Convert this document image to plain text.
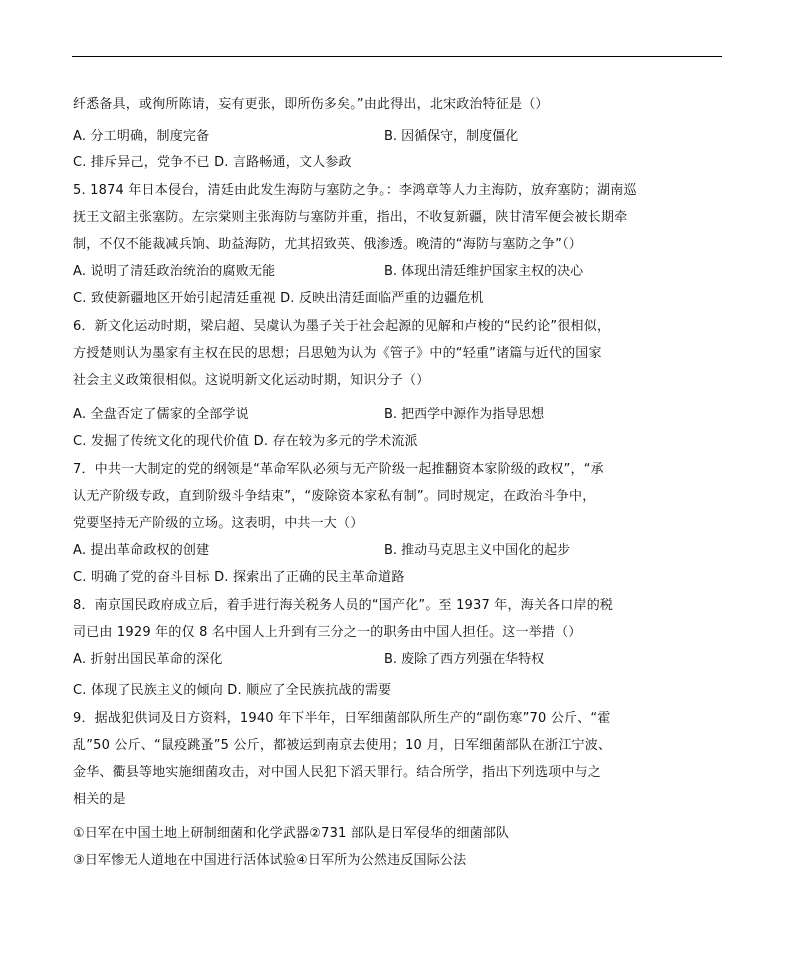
纤悉备具，或徇所陈请，妄有更张，即所伤多矣。”由此得出，北宋政治特征是（）
A. 分工明确，制度完备	B. 因循保守，制度僵化
C. 排斥异己，党争不已 D. 言路畅通，文人参政
5. 1874 年日本侵台，清廷由此发生海防与塞防之争。：李鸿章等人力主海防，放弃塞防；湖南巡
抚王文韶主张塞防。左宗棠则主张海防与塞防并重，指出，不收复新疆，陕甘清军便会被长期牵
制，不仅不能裁减兵饷、助益海防，尤其招致英、俄渗透。晚清的“海防与塞防之争”（）
A. 说明了清廷政治统治的腐败无能	B. 体现出清廷维护国家主权的决心
C. 致使新疆地区开始引起清廷重视 D. 反映出清廷面临严重的边疆危机
6．新文化运动时期，梁启超、吴虞认为墨子关于社会起源的见解和卢梭的“民约论”很相似，
方授楚则认为墨家有主权在民的思想；吕思勉为认为《管子》中的“轻重”诸篇与近代的国家
社会主义政策很相似。这说明新文化运动时期，知识分子（）
A. 全盘否定了儒家的全部学说	B. 把西学中源作为指导思想
C. 发掘了传统文化的现代价值 D. 存在较为多元的学术流派
7．中共一大制定的党的纲领是“革命军队必须与无产阶级一起推翻资本家阶级的政权”，“承
认无产阶级专政，直到阶级斗争结束”，“废除资本家私有制”。同时规定，在政治斗争中，
党要坚持无产阶级的立场。这表明，中共一大（）
A. 提出革命政权的创建	B. 推动马克思主义中国化的起步
C. 明确了党的奋斗目标 D. 探索出了正确的民主革命道路
8．南京国民政府成立后，着手进行海关税务人员的“国产化”。至 1937 年，海关各口岸的税
司已由 1929 年的仅 8 名中国人上升到有三分之一的职务由中国人担任。这一举措（）
A. 折射出国民革命的深化	B. 废除了西方列强在华特权
C. 体现了民族主义的倾向 D. 顺应了全民族抗战的需要
9．据战犯供词及日方资料，1940 年下半年，日军细菌部队所生产的“副伤寒”70 公斤、“霍
乱”50 公斤、“鼠疫跳蚤”5 公斤，都被运到南京去使用；10 月，日军细菌部队在浙江宁波、
金华、衢县等地实施细菌攻击，对中国人民犯下滔天罪行。结合所学，指出下列选项中与之
相关的是
①日军在中国土地上研制细菌和化学武器②731 部队是日军侵华的细菌部队
③日军惨无人道地在中国进行活体试验④日军所为公然违反国际公法
